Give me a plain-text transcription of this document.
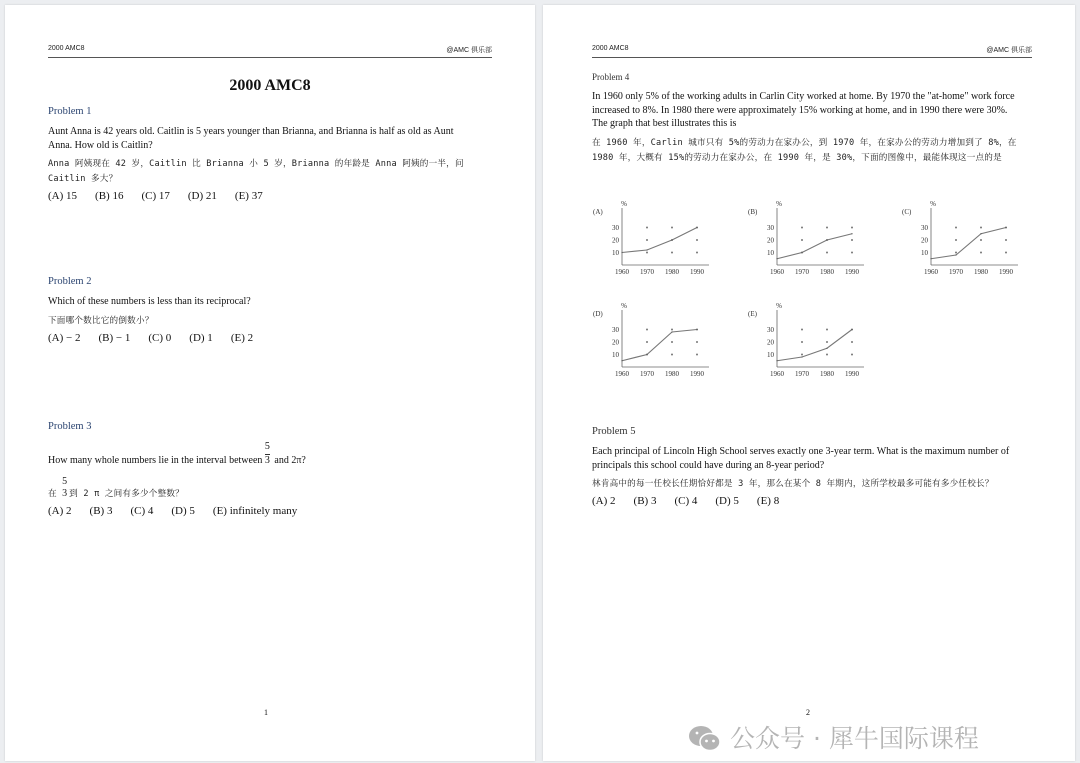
2000 AMC8	@AMC 俱乐部
2000 AMC8
Problem 1
Aunt Anna is 42 years old. Caitlin is 5 years younger than Brianna, and Brianna is half as old as Aunt Anna. How old is Caitlin?
Anna 阿姨现在 42 岁，Caitlin 比 Brianna 小 5 岁，Brianna 的年龄是 Anna 阿姨的一半，问 Caitlin 多大？
(A) 15 (B) 16 (C) 17 (D) 21 (E) 37
Problem 2
Which of these numbers is less than its reciprocal?
下面哪个数比它的倒数小？
(A) − 2 (B) − 1 (C) 0 (D) 1 (E) 2
Problem 3
How many whole numbers lie in the interval between $\frac{5}{3}$ and 2π?
在
5
3 到 2 π 之间有多少个整数？
(A) 2 (B) 3 (C) 4 (D) 5 (E) infinitely many
1
2000 AMC8	@AMC 俱乐部
Problem 4
In 1960 only 5% of the working adults in Carlin City worked at home. By 1970 the "at-home" work force increased to 8%. In 1980 there were approximately 15% working at home, and in 1990 there were 30%. The graph that best illustrates this is
在 1960 年，Carlin 城市只有 5%的劳动力在家办公，到 1970 年，在家办公的劳动力增加到了 8%，在 1980 年，大概有 15%的劳动力在家办公，在 1990 年，是 30%，下面的图像中，最能体现这一点的是
(A)
%
10
20
30
1960 1970 1980 1990
(B)
%
10
20
30
1960 1970 1980 1990
(C)
%
10
20
30
1960 1970 1980 1990
(D)
%
10
20
30
1960 1970 1980 1990
(E)
%
10
20
30
1960 1970 1980 1990
Problem 5
Each principal of Lincoln High School serves exactly one 3-year term. What is the maximum number of principals this school could have during an 8-year period?
林肯高中的每一任校长任期恰好都是 3 年，那么在某个 8 年期内，这所学校最多可能有多少任校长？
(A) 2 (B) 3 (C) 4 (D) 5 (E) 8
2
公众号 · 犀牛国际课程
